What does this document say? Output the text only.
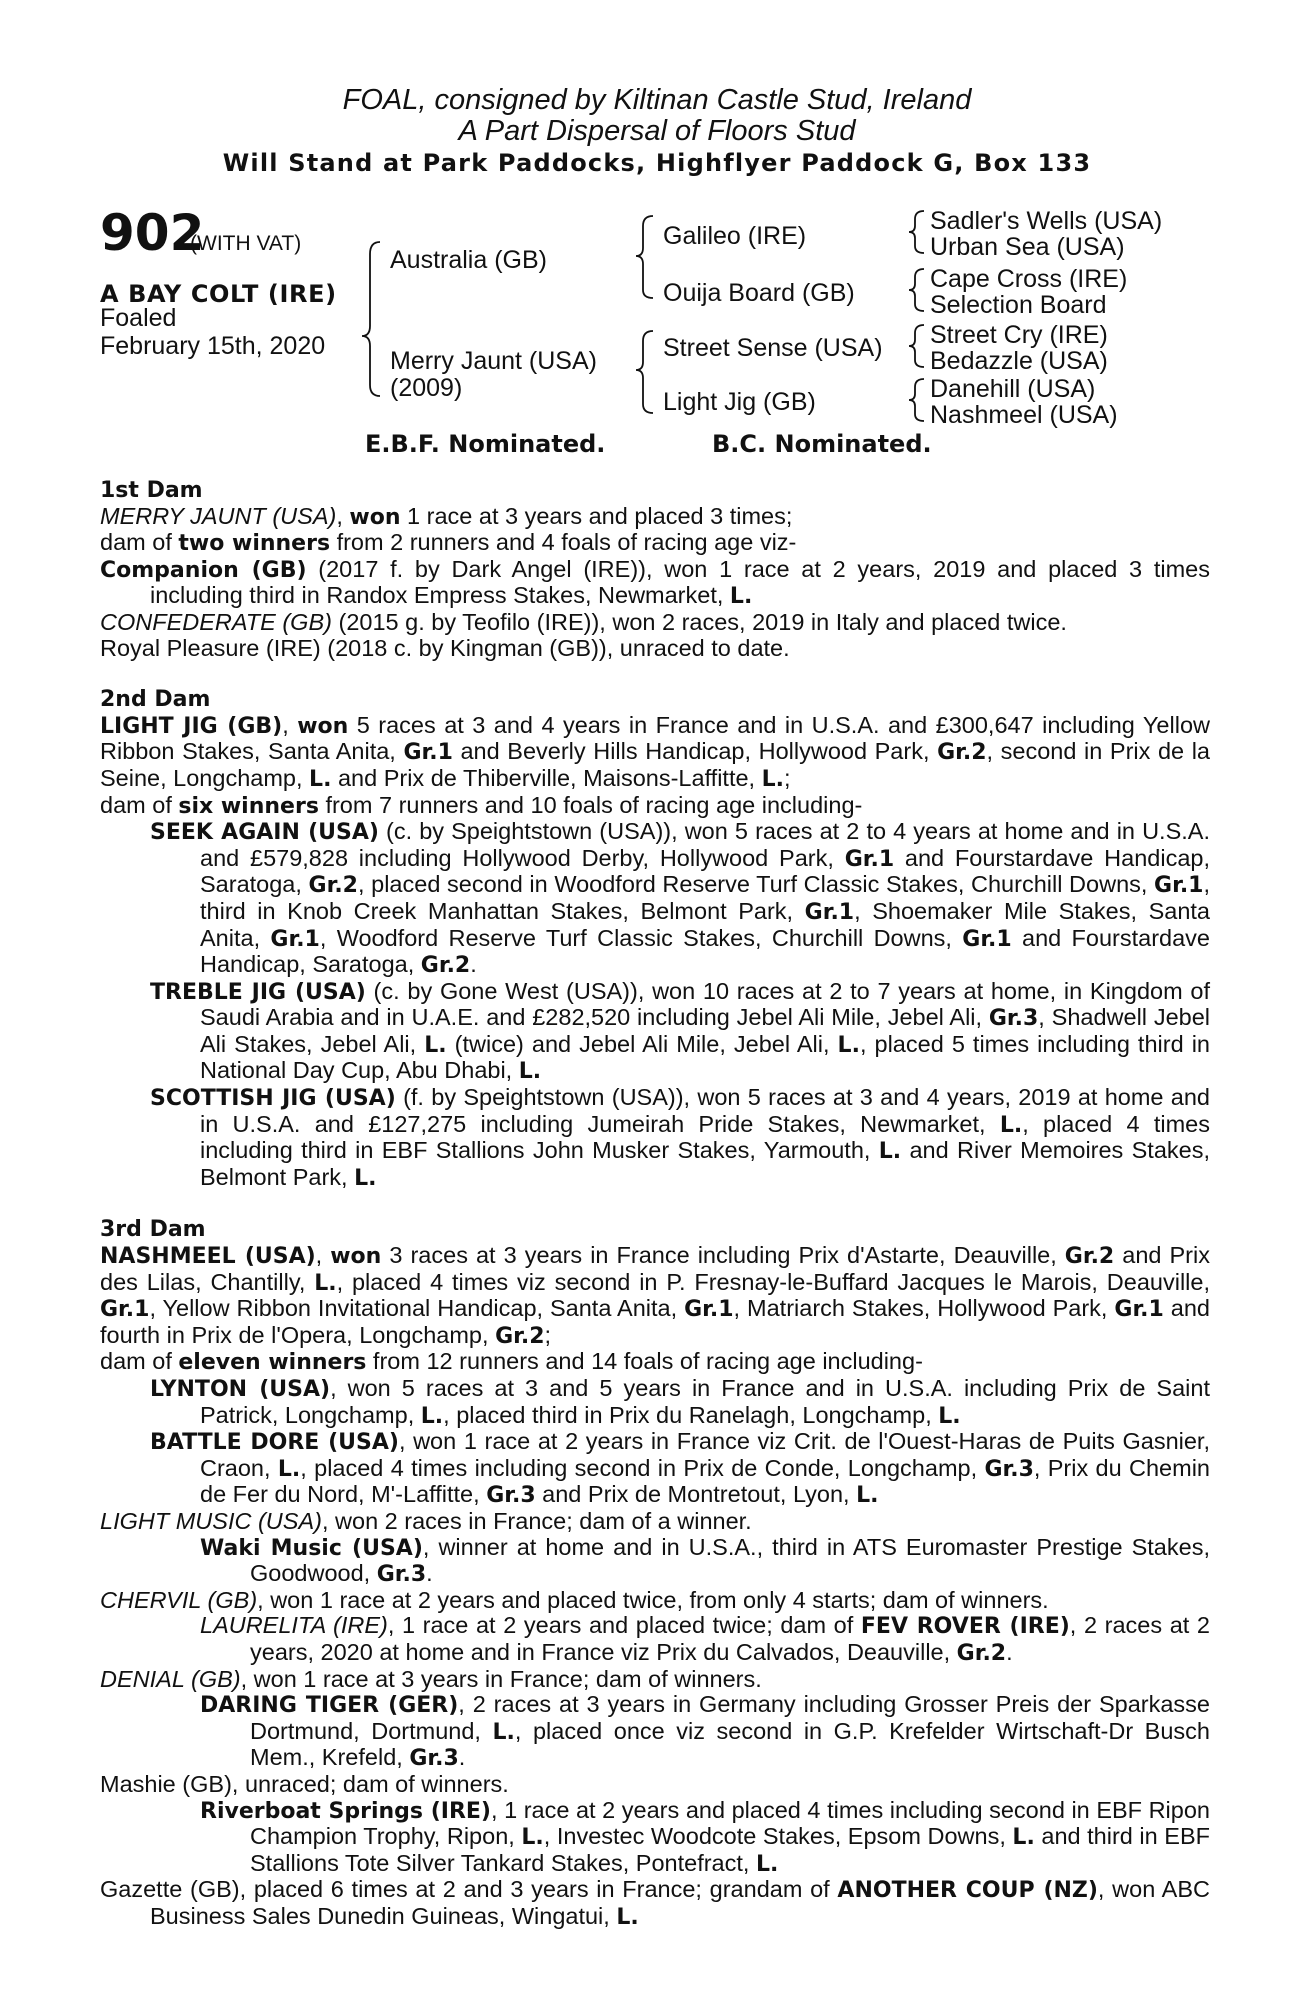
FOAL, consigned by Kiltinan Castle Stud, Ireland
A Part Dispersal of Floors Stud
Will Stand at Park Paddocks, Highflyer Paddock G, Box 133
902
(WITH VAT)
A BAY COLT (IRE)
Foaled
February 15th, 2020
Australia (GB)
Merry Jaunt (USA)
(2009)
Galileo (IRE)
Ouija Board (GB)
Street Sense (USA)
Light Jig (GB)
Sadler's Wells (USA)
Urban Sea (USA)
Cape Cross (IRE)
Selection Board
Street Cry (IRE)
Bedazzle (USA)
Danehill (USA)
Nashmeel (USA)
E.B.F. Nominated.	B.C. Nominated.
1st Dam
MERRY JAUNT (USA), won 1 race at 3 years and placed 3 times;
dam of two winners from 2 runners and 4 foals of racing age viz-
Companion (GB) (2017 f. by Dark Angel (IRE)), won 1 race at 2 years, 2019 and placed 3 times including third in Randox Empress Stakes, Newmarket, L.
CONFEDERATE (GB) (2015 g. by Teofilo (IRE)), won 2 races, 2019 in Italy and placed twice.
Royal Pleasure (IRE) (2018 c. by Kingman (GB)), unraced to date.
2nd Dam
LIGHT JIG (GB), won 5 races at 3 and 4 years in France and in U.S.A. and £300,647 including Yellow Ribbon Stakes, Santa Anita, Gr.1 and Beverly Hills Handicap, Hollywood Park, Gr.2, second in Prix de la Seine, Longchamp, L. and Prix de Thiberville, Maisons-Laffitte, L.;
dam of six winners from 7 runners and 10 foals of racing age including-
SEEK AGAIN (USA) (c. by Speightstown (USA)), won 5 races at 2 to 4 years at home and in U.S.A. and £579,828 including Hollywood Derby, Hollywood Park, Gr.1 and Fourstardave Handicap, Saratoga, Gr.2, placed second in Woodford Reserve Turf Classic Stakes, Churchill Downs, Gr.1, third in Knob Creek Manhattan Stakes, Belmont Park, Gr.1, Shoemaker Mile Stakes, Santa Anita, Gr.1, Woodford Reserve Turf Classic Stakes, Churchill Downs, Gr.1 and Fourstardave Handicap, Saratoga, Gr.2.
TREBLE JIG (USA) (c. by Gone West (USA)), won 10 races at 2 to 7 years at home, in Kingdom of Saudi Arabia and in U.A.E. and £282,520 including Jebel Ali Mile, Jebel Ali, Gr.3, Shadwell Jebel Ali Stakes, Jebel Ali, L. (twice) and Jebel Ali Mile, Jebel Ali, L., placed 5 times including third in National Day Cup, Abu Dhabi, L.
SCOTTISH JIG (USA) (f. by Speightstown (USA)), won 5 races at 3 and 4 years, 2019 at home and in U.S.A. and £127,275 including Jumeirah Pride Stakes, Newmarket, L., placed 4 times including third in EBF Stallions John Musker Stakes, Yarmouth, L. and River Memoires Stakes, Belmont Park, L.
3rd Dam
NASHMEEL (USA), won 3 races at 3 years in France including Prix d'Astarte, Deauville, Gr.2 and Prix des Lilas, Chantilly, L., placed 4 times viz second in P. Fresnay-le-Buffard Jacques le Marois, Deauville, Gr.1, Yellow Ribbon Invitational Handicap, Santa Anita, Gr.1, Matriarch Stakes, Hollywood Park, Gr.1 and fourth in Prix de l'Opera, Longchamp, Gr.2;
dam of eleven winners from 12 runners and 14 foals of racing age including-
LYNTON (USA), won 5 races at 3 and 5 years in France and in U.S.A. including Prix de Saint Patrick, Longchamp, L., placed third in Prix du Ranelagh, Longchamp, L.
BATTLE DORE (USA), won 1 race at 2 years in France viz Crit. de l'Ouest-Haras de Puits Gasnier, Craon, L., placed 4 times including second in Prix de Conde, Longchamp, Gr.3, Prix du Chemin de Fer du Nord, M'-Laffitte, Gr.3 and Prix de Montretout, Lyon, L.
LIGHT MUSIC (USA), won 2 races in France; dam of a winner.
Waki Music (USA), winner at home and in U.S.A., third in ATS Euromaster Prestige Stakes, Goodwood, Gr.3.
CHERVIL (GB), won 1 race at 2 years and placed twice, from only 4 starts; dam of winners.
LAURELITA (IRE), 1 race at 2 years and placed twice; dam of FEV ROVER (IRE), 2 races at 2 years, 2020 at home and in France viz Prix du Calvados, Deauville, Gr.2.
DENIAL (GB), won 1 race at 3 years in France; dam of winners.
DARING TIGER (GER), 2 races at 3 years in Germany including Grosser Preis der Sparkasse Dortmund, Dortmund, L., placed once viz second in G.P. Krefelder Wirtschaft-Dr Busch Mem., Krefeld, Gr.3.
Mashie (GB), unraced; dam of winners.
Riverboat Springs (IRE), 1 race at 2 years and placed 4 times including second in EBF Ripon Champion Trophy, Ripon, L., Investec Woodcote Stakes, Epsom Downs, L. and third in EBF Stallions Tote Silver Tankard Stakes, Pontefract, L.
Gazette (GB), placed 6 times at 2 and 3 years in France; grandam of ANOTHER COUP (NZ), won ABC Business Sales Dunedin Guineas, Wingatui, L.
